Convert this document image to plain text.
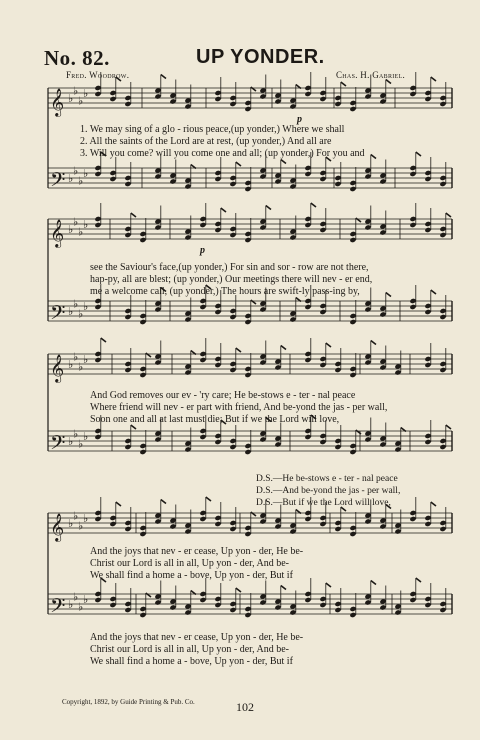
𝄞 ♭
♭
♭
♭
𝄢 ♭
♭
♭
♭
𝄞 ♭
♭
♭
♭
𝄢 ♭
♭
♭
♭
𝄞 ♭
♭
♭
♭
𝄢 ♭
♭
♭
♭
𝄞 ♭
♭
♭
♭
𝄢 ♭
♭
♭
♭
No. 82.	UP YONDER.
Fred. Woodrow.	Chas. H. Gabriel.
p
p
1. We may sing of a glo - rious peace,(up yonder,) Where we shall
2. All the saints of the Lord are at rest, (up yonder,) And all are
3. Will you come? will you come one and all; (up yonder,) For you and
see the Saviour's face,(up yonder,) For sin and sor - row are not there,
hap-py, all are blest; (up yonder,) Our meetings there will nev - er end,
me a welcome call, (up yonder,) The hours are swift-ly pass-ing by,
And God removes our ev - 'ry care; He be-stows e - ter - nal peace
Where friend will nev - er part with friend, And be-yond the jas - per wall,
Soon one and all at last must die; But if we the Lord will love,
D.S.—He be-stows e - ter - nal peace
D.S.—And be-yond the jas - per wall,
D.S.—But if we the Lord will love,
And the joys that nev - er cease, Up yon - der, He be-
Christ our Lord is all in all, Up yon - der, And be-
We shall find a home a - bove, Up yon - der, But if
And the joys that nev - er cease, Up yon - der, He be-
Christ our Lord is all in all, Up yon - der, And be-
We shall find a home a - bove, Up yon - der, But if
Copyright, 1892, by Guide Printing & Pub. Co.	102
